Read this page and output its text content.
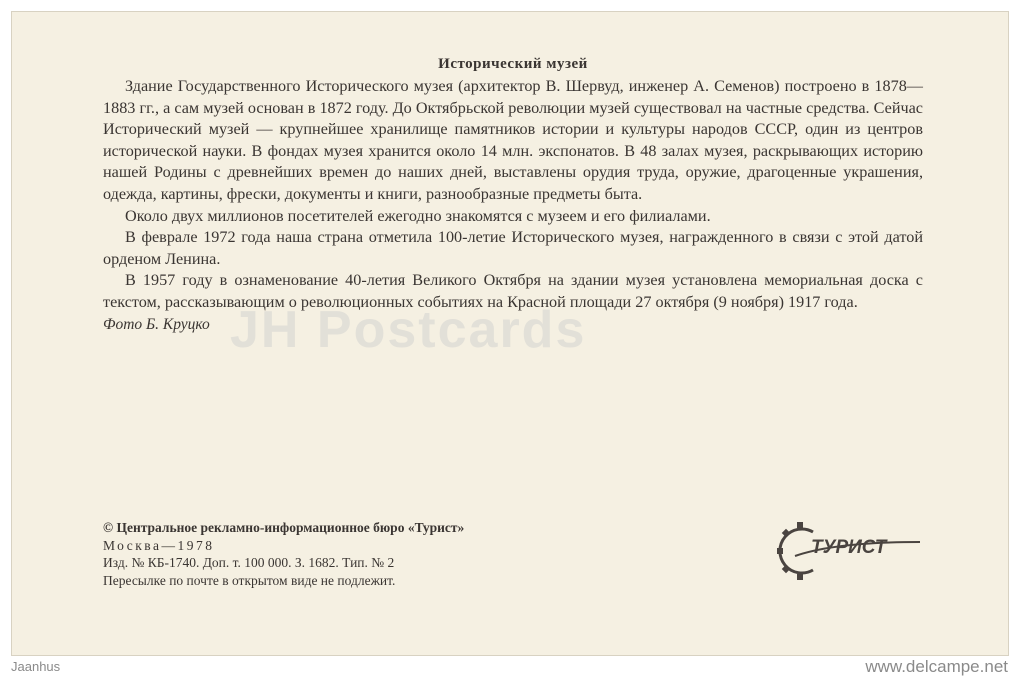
Исторический музей

Здание Государственного Исторического музея (архитектор В. Шервуд, инженер А. Семенов) построено в 1878—1883 гг., а сам музей основан в 1872 году. До Октябрьской революции музей существовал на частные средства. Сейчас Исторический музей — крупнейшее хранилище памятников истории и культуры народов СССР, один из центров исторической науки. В фондах музея хранится около 14 млн. экспонатов. В 48 залах музея, раскрывающих историю нашей Родины с древнейших времен до наших дней, выставлены орудия труда, оружие, драгоценные украшения, одежда, картины, фрески, документы и книги, разнообразные предметы быта.

Около двух миллионов посетителей ежегодно знакомятся с музеем и его филиалами.

В феврале 1972 года наша страна отметила 100-летие Исторического музея, награжденного в связи с этой датой орденом Ленина.

В 1957 году в ознаменование 40-летия Великого Октября на здании музея установлена мемориальная доска с текстом, рассказывающим о революционных событиях на Красной площади 27 октября (9 ноября) 1917 года.

Фото Б. Круцко

© Центральное рекламно-информационное бюро «Турист»
Москва—1978
Изд. № КБ-1740. Доп. т. 100 000. З. 1682. Тип. № 2
Пересылке по почте в открытом виде не подлежит.
ТУРИСТ
JH Postcards
Jaanhus	www.delcampe.net
